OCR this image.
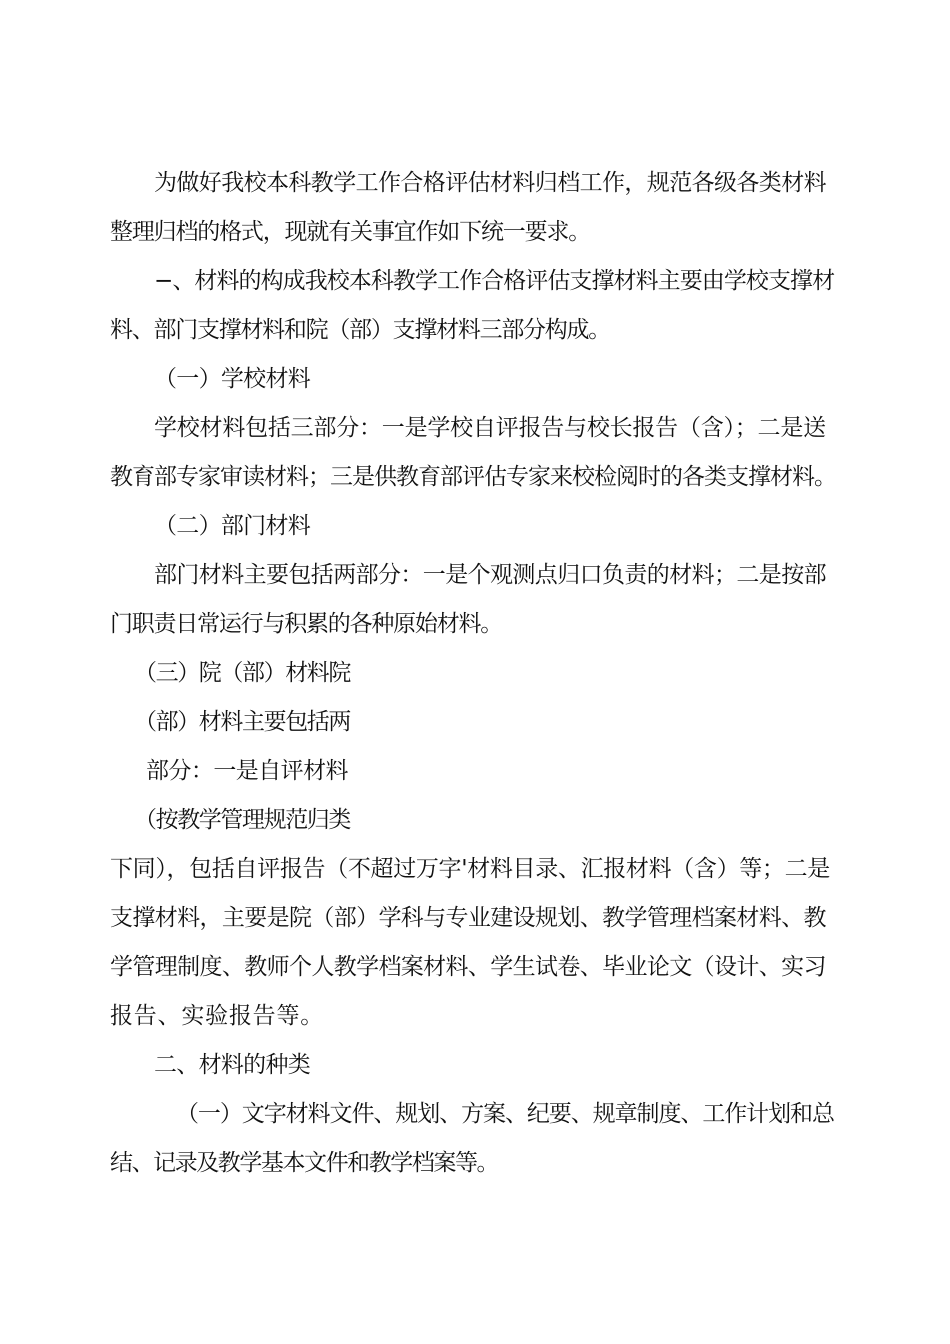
为做好我校本科教学工作合格评估材料归档工作，规范各级各类材料
整理归档的格式，现就有关事宜作如下统一要求。
−、材料的构成我校本科教学工作合格评估支撑材料主要由学校支撑材
料、部门支撑材料和院（部）支撑材料三部分构成。
（一）学校材料
学校材料包括三部分：一是学校自评报告与校长报告（含）；二是送
教育部专家审读材料；三是供教育部评估专家来校检阅时的各类支撑材料。
（二）部门材料
部门材料主要包括两部分：一是个观测点归口负责的材料；二是按部
门职责日常运行与积累的各种原始材料。
（三）院（部）材料院
（部）材料主要包括两
部分：一是自评材料
（按教学管理规范归类
下同），包括自评报告（不超过万字'材料目录、汇报材料（含）等；二是
支撑材料，主要是院（部）学科与专业建设规划、教学管理档案材料、教
学管理制度、教师个人教学档案材料、学生试卷、毕业论文（设计、实习
报告、实验报告等。
二、材料的种类
（一）文字材料文件、规划、方案、纪要、规章制度、工作计划和总
结、记录及教学基本文件和教学档案等。
